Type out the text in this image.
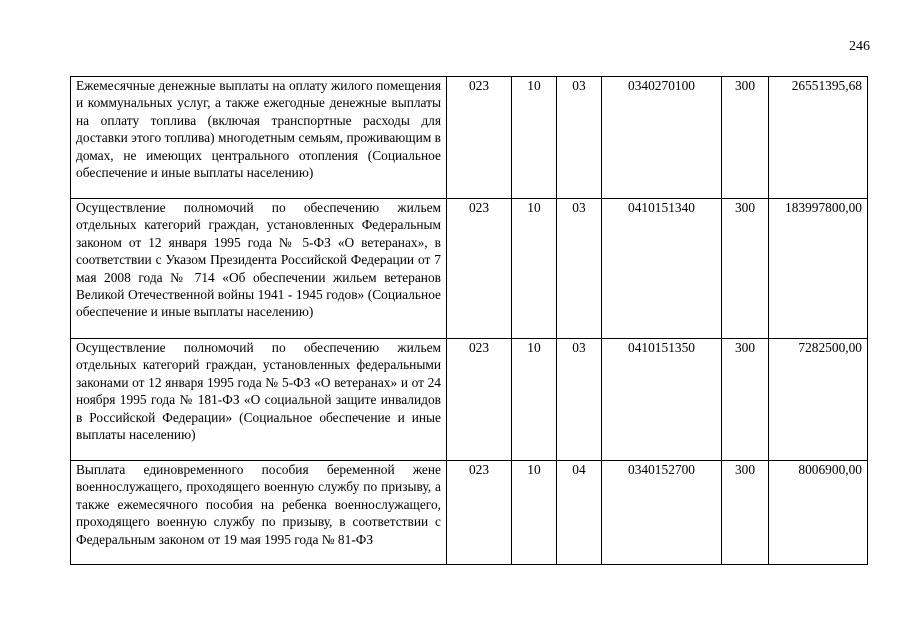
246
Ежемесячные денежные выплаты на оплату жилого помещения и коммунальных услуг, а также ежегодные денежные выплаты на оплату топлива (включая транспортные расходы для доставки этого топлива) многодетным семьям, проживающим в домах, не имеющих центрального отопления (Социальное обеспечение и иные выплаты населению)	023	10	03	0340270100	300	26551395,68
Осуществление полномочий по обеспечению жильем отдельных категорий граждан, установленных Федеральным законом от 12 января 1995 года № 5-ФЗ «О ветеранах», в соответствии с Указом Президента Российской Федерации от 7 мая 2008 года № 714 «Об обеспечении жильем ветеранов Великой Отечественной войны 1941 - 1945 годов» (Социальное обеспечение и иные выплаты населению)	023	10	03	0410151340	300	183997800,00
Осуществление полномочий по обеспечению жильем отдельных категорий граждан, установленных федеральными законами от 12 января 1995 года № 5-ФЗ «О ветеранах» и от 24 ноября 1995 года № 181-ФЗ «О социальной защите инвалидов в Российской Федерации» (Социальное обеспечение и иные выплаты населению)	023	10	03	0410151350	300	7282500,00
Выплата единовременного пособия беременной жене военнослужащего, проходящего военную службу по призыву, а также ежемесячного пособия на ребенка военнослужащего, проходящего военную службу по призыву, в соответствии с Федеральным законом от 19 мая 1995 года № 81-ФЗ	023	10	04	0340152700	300	8006900,00
